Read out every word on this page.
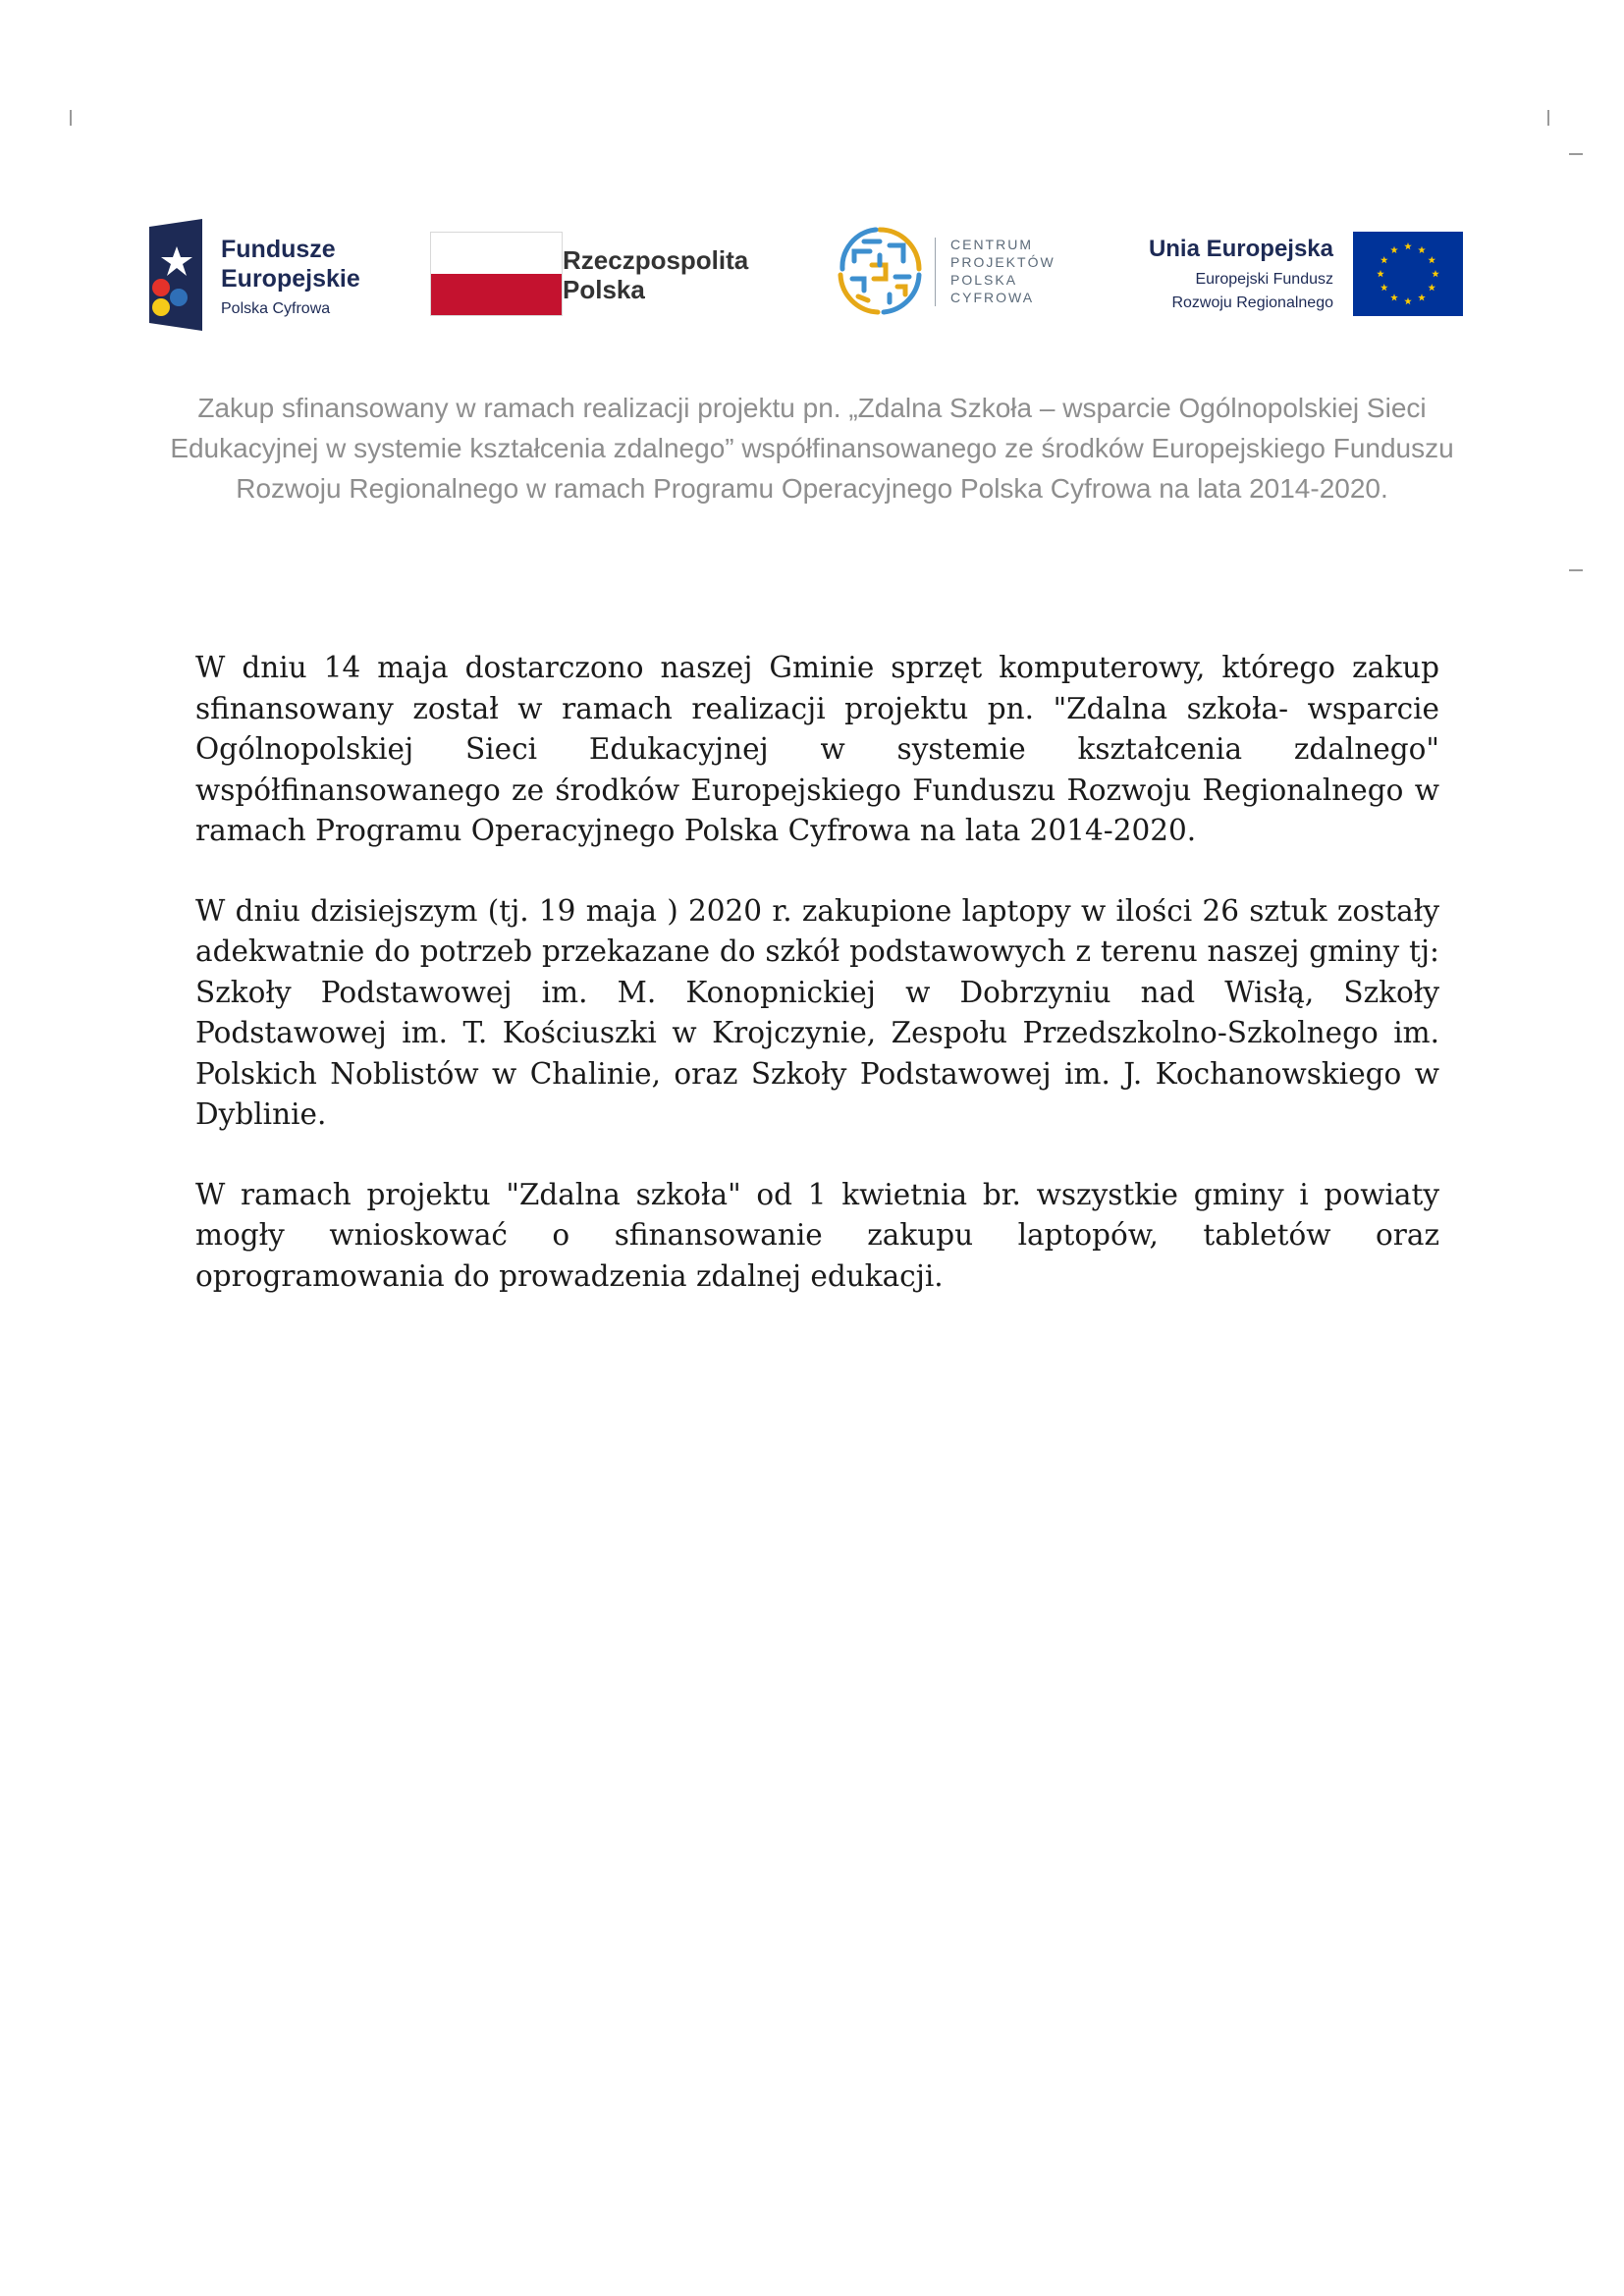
Fundusze
Europejskie
Polska Cyfrowa
Rzeczpospolita
Polska
CENTRUM
PROJEKTÓW
POLSKA
CYFROWA
Unia Europejska
Europejski Fundusz
Rozwoju Regionalnego

Zakup sfinansowany w ramach realizacji projektu pn. „Zdalna Szkoła – wsparcie Ogólnopolskiej Sieci Edukacyjnej w systemie kształcenia zdalnego” współfinansowanego ze środków Europejskiego Funduszu Rozwoju Regionalnego w ramach Programu Operacyjnego Polska Cyfrowa na lata 2014-2020.

W dniu 14 maja dostarczono naszej Gminie sprzęt komputerowy, którego zakup sfinansowany został w ramach realizacji projektu pn. "Zdalna szkoła- wsparcie Ogólnopolskiej Sieci Edukacyjnej w systemie kształcenia zdalnego" współfinansowanego ze środków Europejskiego Funduszu Rozwoju Regionalnego w ramach Programu Operacyjnego Polska Cyfrowa na lata 2014-2020.

W dniu dzisiejszym (tj. 19 maja ) 2020 r. zakupione laptopy w ilości 26 sztuk zostały adekwatnie do potrzeb przekazane do szkół podstawowych z terenu naszej gminy tj: Szkoły Podstawowej im. M. Konopnickiej w Dobrzyniu nad Wisłą, Szkoły Podstawowej im. T. Kościuszki w Krojczynie, Zespołu Przedszkolno-Szkolnego im. Polskich Noblistów w Chalinie, oraz Szkoły Podstawowej im. J. Kochanowskiego w Dyblinie.

W ramach projektu "Zdalna szkoła" od 1 kwietnia br. wszystkie gminy i powiaty mogły wnioskować o sfinansowanie zakupu laptopów, tabletów oraz oprogramowania do prowadzenia zdalnej edukacji.
